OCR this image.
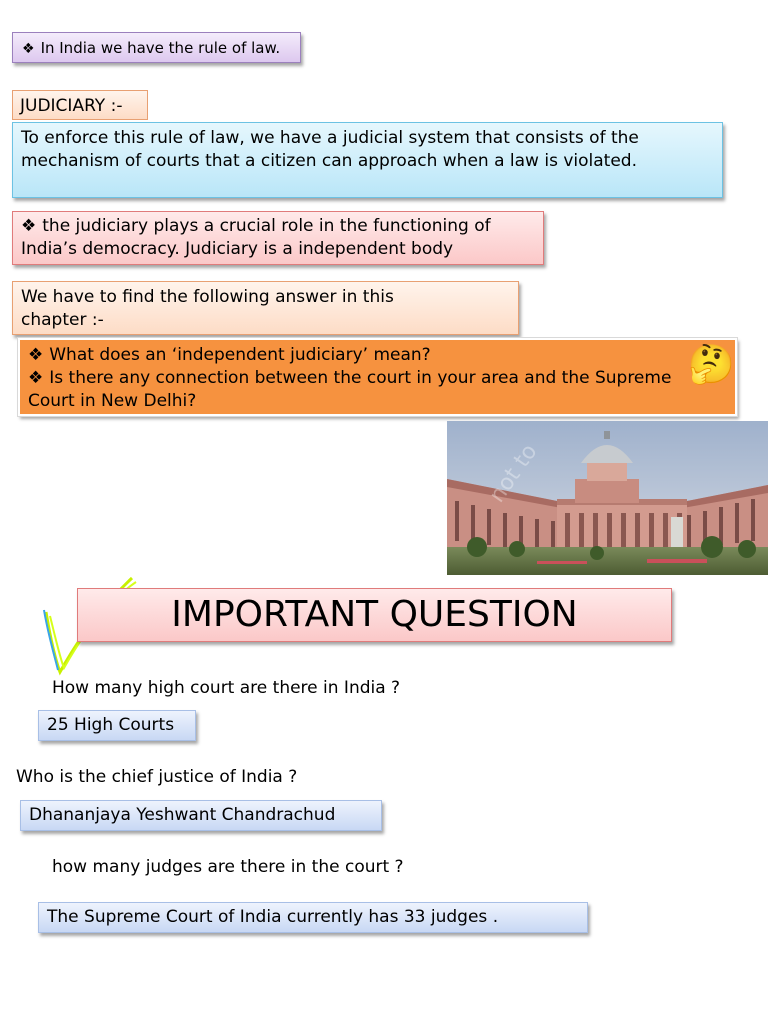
❖ In India we have the rule of law.
JUDICIARY :-
To enforce this rule of law, we have a judicial system that consists of the mechanism of courts that a citizen can approach when a law is violated.
❖ the judiciary plays a crucial role in the functioning of India’s democracy. Judiciary is a independent body
We have to find the following answer in this chapter :-
❖ What does an ‘independent judiciary’ mean?
❖ Is there any connection between the court in your area and the Supreme Court in New Delhi?
🤔
not to
IMPORTANT QUESTION
How many high court are there in India ?
25 High Courts
Who is the chief justice of India ?
Dhananjaya Yeshwant Chandrachud
how many judges are there in the court ?
The Supreme Court of India currently has 33 judges .
